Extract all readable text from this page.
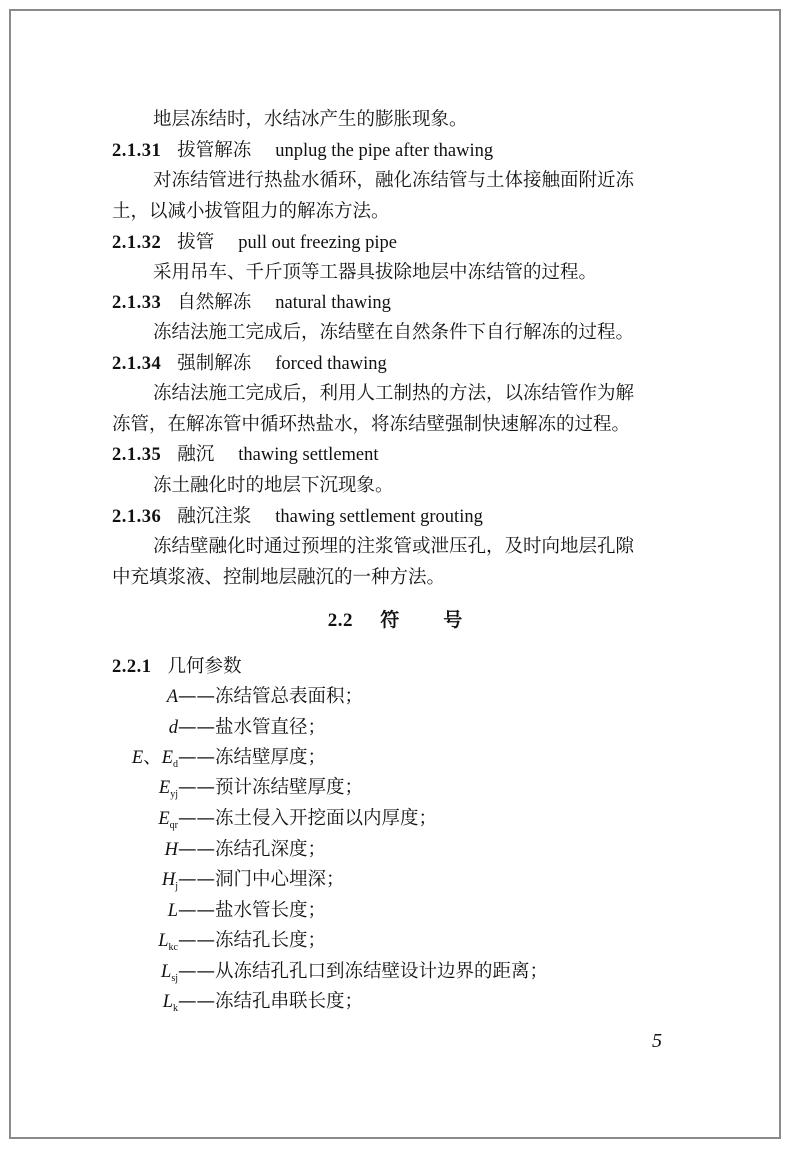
地层冻结时，水结冰产生的膨胀现象。
2.1.31 拔管解冻 unplug the pipe after thawing
对冻结管进行热盐水循环，融化冻结管与土体接触面附近冻
土，以减小拔管阻力的解冻方法。
2.1.32 拔管 pull out freezing pipe
采用吊车、千斤顶等工器具拔除地层中冻结管的过程。
2.1.33 自然解冻 natural thawing
冻结法施工完成后，冻结壁在自然条件下自行解冻的过程。
2.1.34 强制解冻 forced thawing
冻结法施工完成后，利用人工制热的方法，以冻结管作为解
冻管，在解冻管中循环热盐水，将冻结壁强制快速解冻的过程。
2.1.35 融沉 thawing settlement
冻土融化时的地层下沉现象。
2.1.36 融沉注浆 thawing settlement grouting
冻结壁融化时通过预埋的注浆管或泄压孔，及时向地层孔隙
中充填浆液、控制地层融沉的一种方法。
2.2 符 号
2.2.1 几何参数
A ——冻结管总表面积；
d ——盐水管直径；
E、$E_d$ ——冻结壁厚度；
$E_{yj}$ ——预计冻结壁厚度；
$E_{qr}$ ——冻土侵入开挖面以内厚度；
H ——冻结孔深度；
$H_j$ ——洞门中心埋深；
L ——盐水管长度；
$L_{kc}$ ——冻结孔长度；
$L_{sj}$ ——从冻结孔孔口到冻结壁设计边界的距离；
$L_k$ ——冻结孔串联长度；
5
